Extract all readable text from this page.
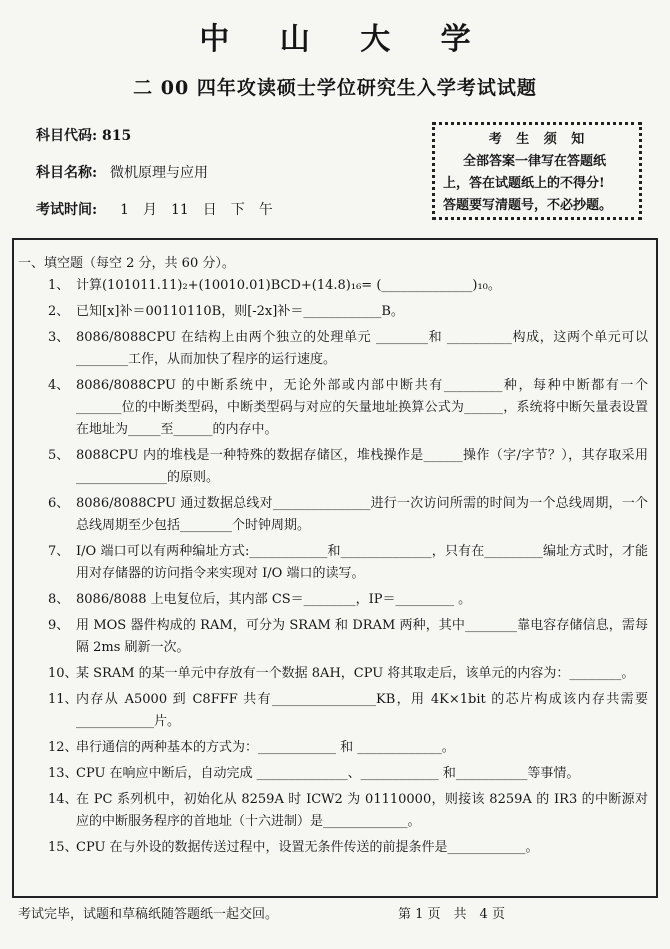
中 山 大 学
二 00 四年攻读硕士学位研究生入学考试试题
科目代码: 815
科目名称: 微机原理与应用
考试时间: 1　月　11　日　下　午
考 生 须 知
全部答案一律写在答题纸
上，答在试题纸上的不得分!
答题要写清题号，不必抄题。
一、填空题（每空 2 分，共 60 分）。
1、 计算(101011.11)₂+(10010.01)BCD+(14.8)₁₆= (______________)₁₀。
2、 已知[x]补＝00110110B，则[-2x]补＝____________B。
3、 8086/8088CPU 在结构上由两个独立的处理单元 ________和 __________构成，这两个单元可以________工作，从而加快了程序的运行速度。
4、 8086/8088CPU 的中断系统中，无论外部或内部中断共有_________种，每种中断都有一个_______位的中断类型码，中断类型码与对应的矢量地址换算公式为______，系统将中断矢量表设置在地址为_____至______的内存中。
5、 8088CPU 内的堆栈是一种特殊的数据存储区，堆栈操作是______操作（字/字节？），其存取采用 ______________的原则。
6、 8086/8088CPU 通过数据总线对_______________进行一次访问所需的时间为一个总线周期，一个总线周期至少包括________个时钟周期。
7、 I/O 端口可以有两种编址方式:____________和______________，只有在_________编址方式时，才能用对存储器的访问指令来实现对 I/O 端口的读写。
8、 8086/8088 上电复位后，其内部 CS＝________，IP＝_________ 。
9、 用 MOS 器件构成的 RAM，可分为 SRAM 和 DRAM 两种，其中________靠电容存储信息，需每隔 2ms 刷新一次。
10、
某 SRAM 的某一单元中存放有一个数据 8AH，CPU 将其取走后，该单元的内容为：________。
11、
内存从 A5000 到 C8FFF 共有________________KB，用 4K×1bit 的芯片构成该内存共需要____________片。
12、
串行通信的两种基本的方式为：____________ 和 _____________。
13、
CPU 在响应中断后，自动完成 ______________、____________ 和___________等事情。
14、
在 PC 系列机中，初始化从 8259A 时 ICW2 为 01110000，则接该 8259A 的 IR3 的中断源对应的中断服务程序的首地址（十六进制）是_____________。
15、
CPU 在与外设的数据传送过程中，设置无条件传送的前提条件是____________。
考试完毕，试题和草稿纸随答题纸一起交回。	第 1 页　共　4 页
